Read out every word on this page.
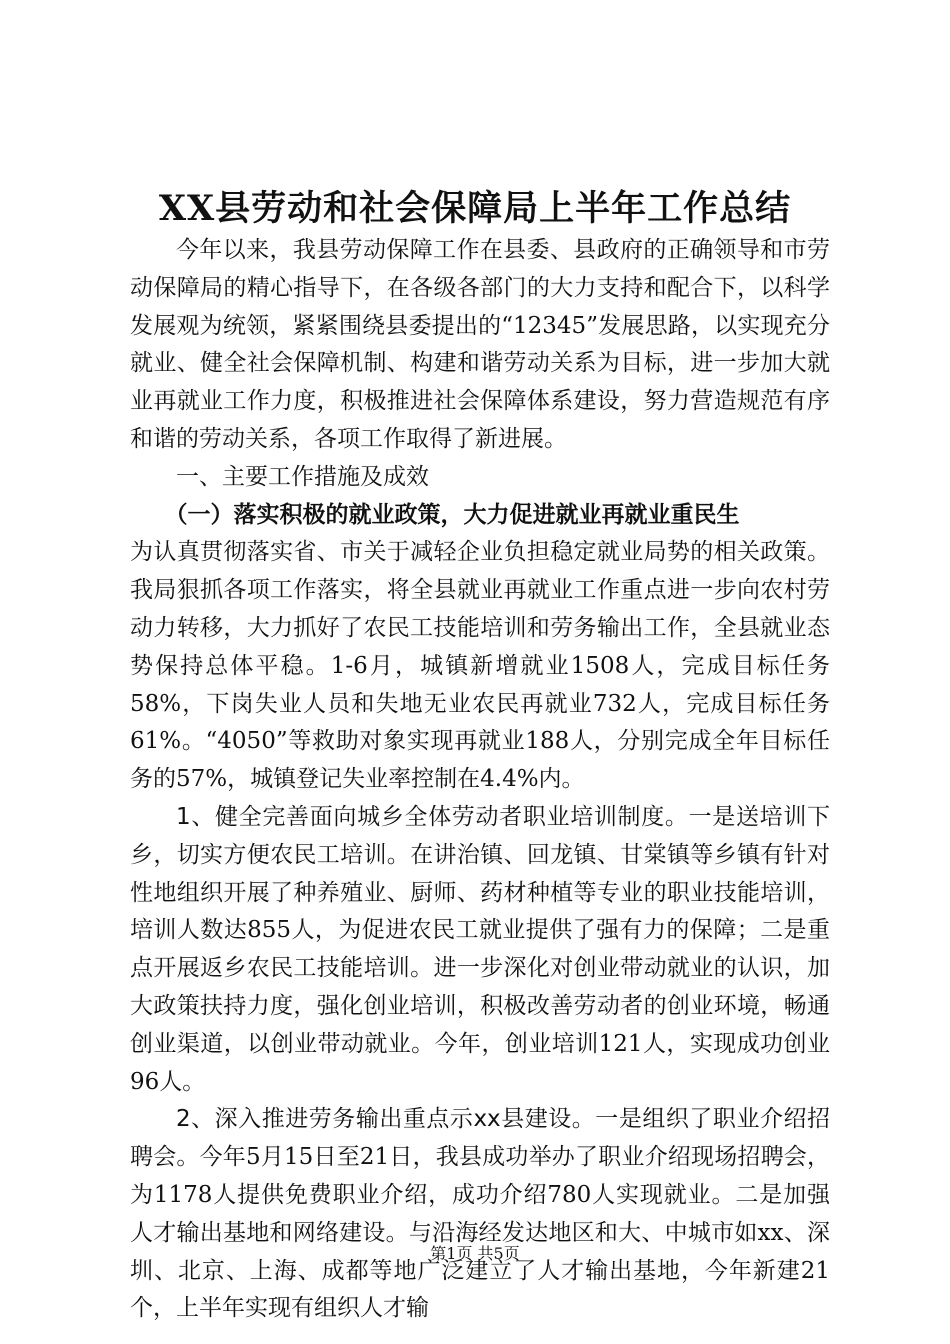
XX县劳动和社会保障局上半年工作总结

今年以来，我县劳动保障工作在县委、县政府的正确领导和市劳动保障局的精心指导下，在各级各部门的大力支持和配合下，以科学发展观为统领，紧紧围绕县委提出的“12345”发展思路，以实现充分就业、健全社会保障机制、构建和谐劳动关系为目标，进一步加大就业再就业工作力度，积极推进社会保障体系建设，努力营造规范有序和谐的劳动关系，各项工作取得了新进展。

一、主要工作措施及成效

（一）落实积极的就业政策，大力促进就业再就业重民生

为认真贯彻落实省、市关于减轻企业负担稳定就业局势的相关政策。我局狠抓各项工作落实，将全县就业再就业工作重点进一步向农村劳动力转移，大力抓好了农民工技能培训和劳务输出工作，全县就业态势保持总体平稳。1-6月，城镇新增就业1508人，完成目标任务58%，下岗失业人员和失地无业农民再就业732人，完成目标任务61%。“4050”等救助对象实现再就业188人，分别完成全年目标任务的57%，城镇登记失业率控制在4.4%内。

1、健全完善面向城乡全体劳动者职业培训制度。一是送培训下乡，切实方便农民工培训。在讲治镇、回龙镇、甘棠镇等乡镇有针对性地组织开展了种养殖业、厨师、药材种植等专业的职业技能培训，培训人数达855人，为促进农民工就业提供了强有力的保障；二是重点开展返乡农民工技能培训。进一步深化对创业带动就业的认识，加大政策扶持力度，强化创业培训，积极改善劳动者的创业环境，畅通创业渠道，以创业带动就业。今年，创业培训121人，实现成功创业96人。

2、深入推进劳务输出重点示xx县建设。一是组织了职业介绍招聘会。今年5月15日至21日，我县成功举办了职业介绍现场招聘会，为1178人提供免费职业介绍，成功介绍780人实现就业。二是加强人才输出基地和网络建设。与沿海经发达地区和大、中城市如xx、深圳、北京、上海、成都等地广泛建立了人才输出基地，今年新建21个，上半年实现有组织人才输

第1页 共5页
